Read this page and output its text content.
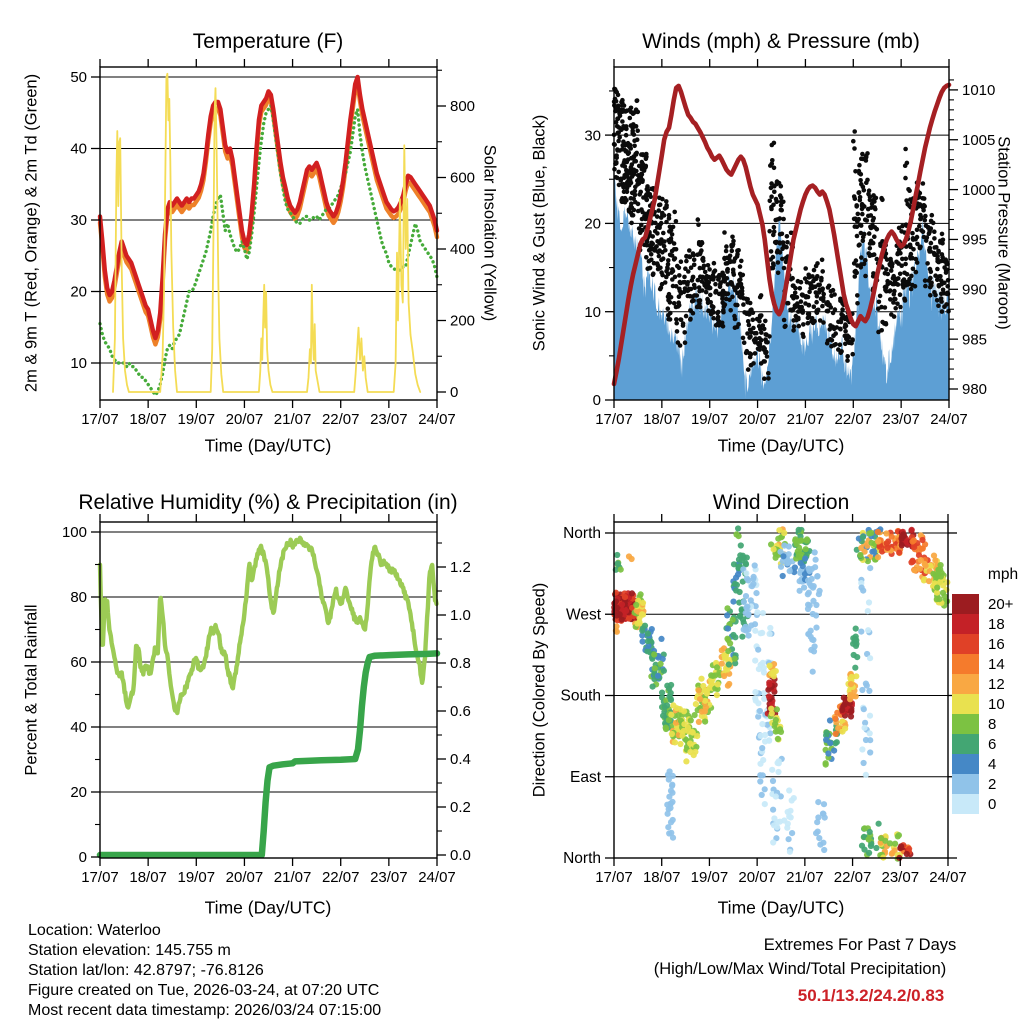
17/07 18/07 19/07 20/07 21/07 22/07 23/07 24/07
10
20
30
40
50
0
200
400
600
800
17/07 18/07 19/07 20/07 21/07 22/07 23/07 24/07
0
10
20
30
980
985
990
995
1000
1005
1010
17/07 18/07 19/07 20/07 21/07 22/07 23/07 24/07
0
20
40
60
80
100
0.0
0.2
0.4
0.6
0.8
1.0
1.2
17/07 18/07 19/07 20/07 21/07 22/07 23/07 24/07
North
West
South
East
North
mph
20+
18
16
14
12
10
8
6
4
2
0
Temperature (F)	Winds (mph) & Pressure (mb)
Relative Humidity (%) & Precipitation (in)	Wind Direction
2m & 9m T (Red, Orange) & 2m Td (Green)	Solar Insolation (Yellow) Sonic Wind & Gust (Blue, Black)	Station Pressure (Maroon)
Percent & Total Rainfall	Direction (Colored By Speed)
Time (Day/UTC)	Time (Day/UTC)
Time (Day/UTC)	Time (Day/UTC)
Location: Waterloo
Station elevation: 145.755 m
Station lat/lon: 42.8797; -76.8126
Figure created on Tue, 2026-03-24, at 07:20 UTC
Most recent data timestamp: 2026/03/24 07:15:00
Extremes For Past 7 Days
(High/Low/Max Wind/Total Precipitation)
50.1/13.2/24.2/0.83
